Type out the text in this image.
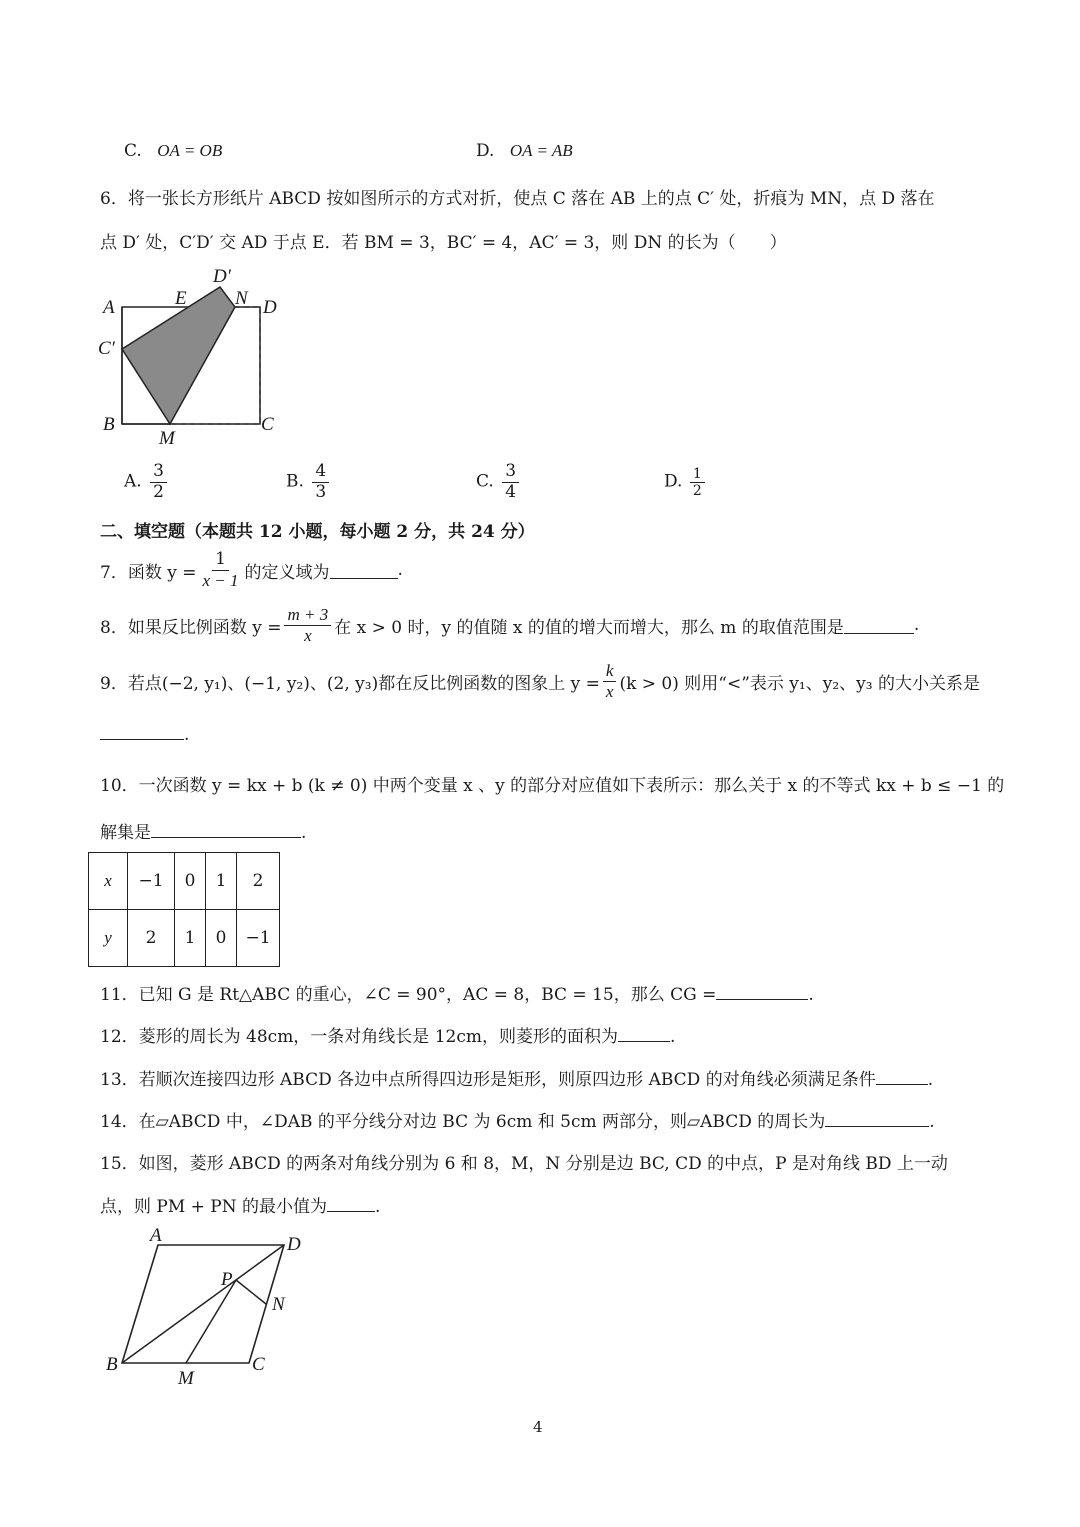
C. OA = OB	D. OA = AB
6．将一张长方形纸片 ABCD 按如图所示的方式对折，使点 C 落在 AB 上的点 C′ 处，折痕为 MN，点 D 落在
点 D′ 处，C′D′ 交 AD 于点 E．若 BM = 3，BC′ = 4，AC′ = 3，则 DN 的长为（　　）
A
B	C
D
D′
E	N
C′
M
A. $\frac{3}{2}$	B. $\frac{4}{3}$	C. $\frac{3}{4}$	D. $\frac{1}{2}$
二、填空题（本题共 12 小题，每小题 2 分，共 24 分）
7．函数 $y = \frac{1}{x - 1}$ 的定义域为	.
8．如果反比例函数 $y = \frac{m + 3}{x}$ 在 x > 0 时，y 的值随 x 的值的增大而增大，那么 m 的取值范围是	.
9．若点(−2, y₁)、(−1, y₂)、(2, y₃)都在反比例函数的图象上 $y = \frac{k}{x} (k > 0)$ 则用“<”表示 y₁、y₂、y₃ 的大小关系是
.
10．一次函数 y = kx + b (k ≠ 0) 中两个变量 x 、y 的部分对应值如下表所示：那么关于 x 的不等式 kx + b ≤ −1 的
解集是	.
x	−1	0	1	2
y	2	1	0	−1
11．已知 G 是 Rt△ABC 的重心，∠C = 90°，AC = 8，BC = 15，那么 CG =	.
12．菱形的周长为 48cm，一条对角线长是 12cm，则菱形的面积为	.
13．若顺次连接四边形 ABCD 各边中点所得四边形是矩形，则原四边形 ABCD 的对角线必须满足条件	.
14．在▱ABCD 中，∠DAB 的平分线分对边 BC 为 6cm 和 5cm 两部分，则▱ABCD 的周长为	.
15．如图，菱形 ABCD 的两条对角线分别为 6 和 8，M，N 分别是边 BC, CD 的中点，P 是对角线 BD 上一动
点，则 PM + PN 的最小值为	.
A	D
B	C
P
N
M
4
